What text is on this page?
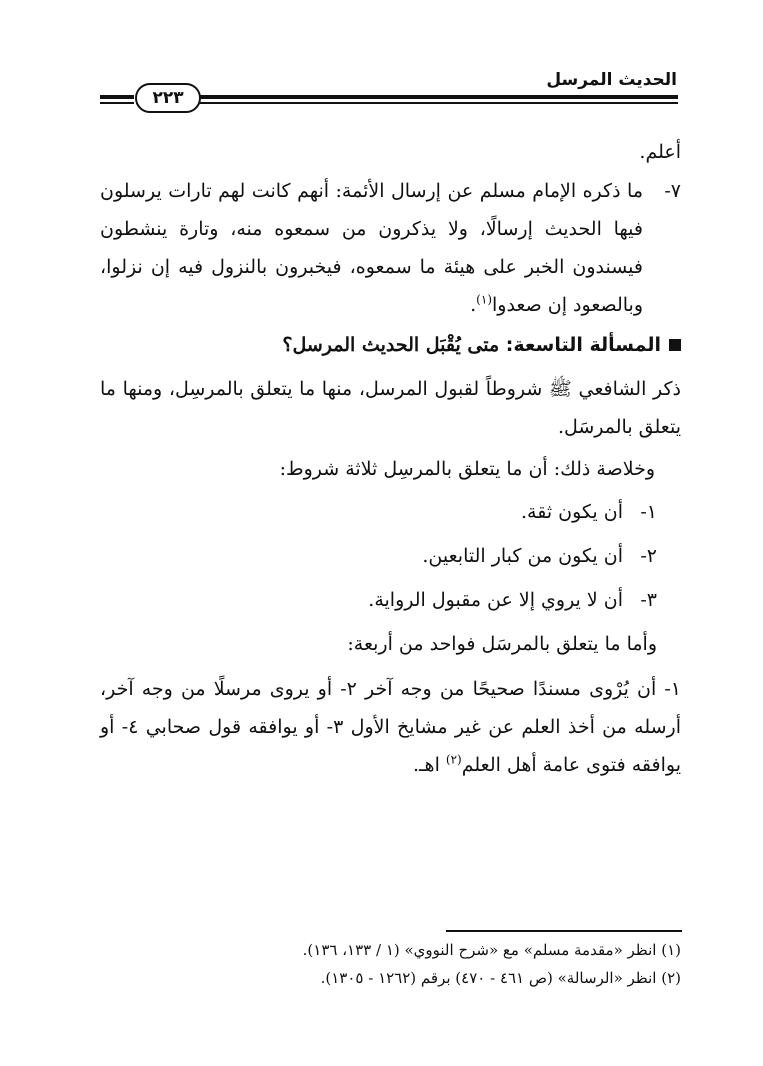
الحديث المرسل
٢٢٣
أعلم.
٧-
ما ذكره الإمام مسلم عن إرسال الأئمة: أنهم كانت لهم تارات يرسلون فيها الحديث إرسالًا، ولا يذكرون من سمعوه منه، وتارة ينشطون فيسندون الخبر على هيئة ما سمعوه، فيخبرون بالنزول فيه إن نزلوا، وبالصعود إن صعدوا$^{(١)}$.
المسألة التاسعة: متى يُقْبَل الحديث المرسل؟
ذكر الشافعي ﷺ شروطاً لقبول المرسل، منها ما يتعلق بالمرسِل، ومنها ما يتعلق بالمرسَل.
وخلاصة ذلك: أن ما يتعلق بالمرسِل ثلاثة شروط:
١-أن يكون ثقة.
٢-أن يكون من كبار التابعين.
٣-أن لا يروي إلا عن مقبول الرواية.
وأما ما يتعلق بالمرسَل فواحد من أربعة:
١- أن يُرْوى مسندًا صحيحًا من وجه آخر ٢- أو يروى مرسلًا من وجه آخر، أرسله من أخذ العلم عن غير مشايخ الأول ٣- أو يوافقه قول صحابي ٤- أو يوافقه فتوى عامة أهل العلم$^{(٢)}$ اهـ.
(١) انظر «مقدمة مسلم» مع «شرح النووي» (١ / ١٣٣، ١٣٦).
(٢) انظر «الرسالة» (ص ٤٦١ - ٤٧٠) برقم (١٢٦٢ - ١٣٠٥).
